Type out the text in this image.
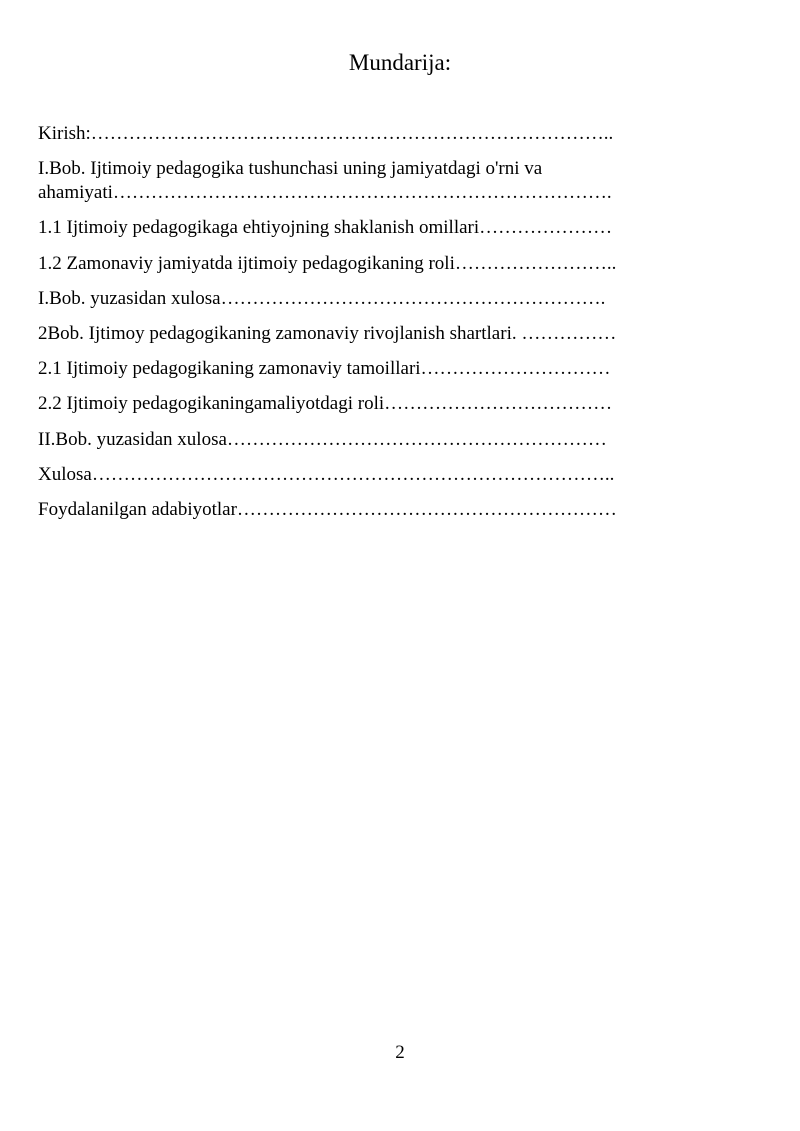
Mundarija:
Kirish:………………………………………………………………………..
I.Bob. Ijtimoiy pedagogika tushunchasi uning jamiyatdagi o'rni va
ahamiyati…………………………………………………………………….
1.1 Ijtimoiy pedagogikaga ehtiyojning shaklanish omillari…………………
1.2 Zamonaviy jamiyatda ijtimoiy pedagogikaning roli……………………..
I.Bob. yuzasidan xulosa…………………………………………………….
2Bob. Ijtimoy pedagogikaning zamonaviy rivojlanish shartlari. ……………
2.1 Ijtimoiy pedagogikaning zamonaviy tamoillari…………………………
2.2 Ijtimoiy pedagogikaningamaliyotdagi roli………………………………
II.Bob. yuzasidan xulosa……………………………………………………
Xulosa………………………………………………………………………..
Foydalanilgan adabiyotlar……………………………………………………
2
